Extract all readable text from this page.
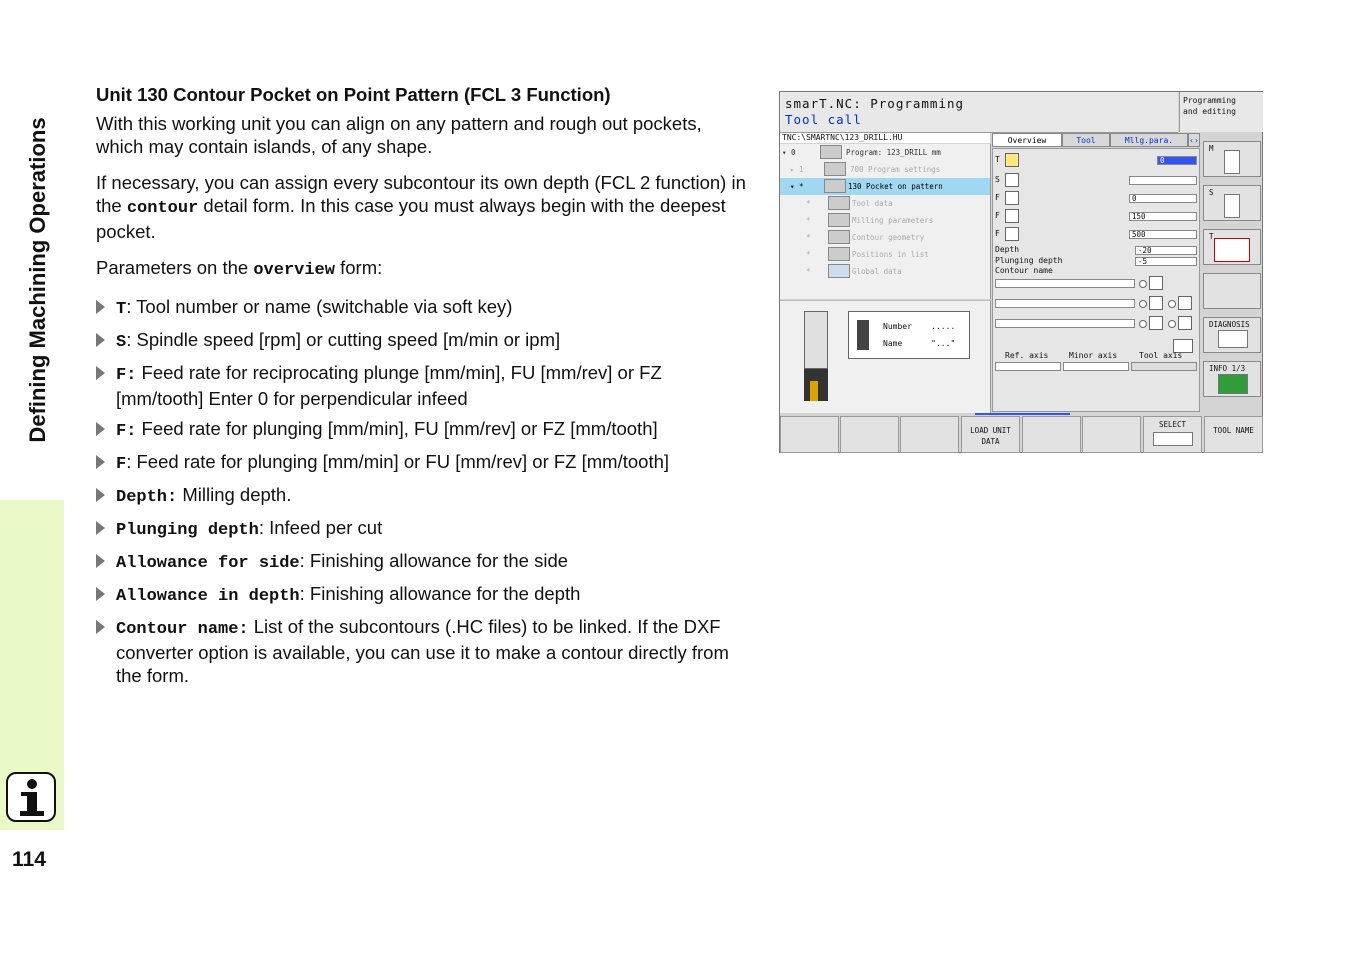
Defining Machining Operations
114
Unit 130 Contour Pocket on Point Pattern (FCL 3 Function)

With this working unit you can align on any pattern and rough out pockets, which may contain islands, of any shape.

If necessary, you can assign every subcontour its own depth (FCL 2 function) in the contour detail form. In this case you must always begin with the deepest pocket.

Parameters on the overview form:

T: Tool number or name (switchable via soft key)
S: Spindle speed [rpm] or cutting speed [m/min or ipm]
F: Feed rate for reciprocating plunge [mm/min], FU [mm/rev] or FZ [mm/tooth] Enter 0 for perpendicular infeed
F: Feed rate for plunging [mm/min], FU [mm/rev] or FZ [mm/tooth]
F: Feed rate for plunging [mm/min] or FU [mm/rev] or FZ [mm/tooth]
Depth: Milling depth.
Plunging depth: Infeed per cut
Allowance for side: Finishing allowance for the side
Allowance in depth: Finishing allowance for the depth
Contour name: List of the subcontours (.HC files) to be linked. If the DXF converter option is available, you can use it to make a contour directly from the form.
smarT.NC: Programming
Tool call
Programming
and editing
TNC:\SMARTNC\123_DRILL.HU
▾ 0	Program: 123_DRILL mm
▸ 1	700 Program settings
▾ *	130 Pocket on pattern
*	Tool data
*	Milling parameters
*	Contour geometry
*	Positions in list
*	Global data
Number .....
Name	"..."
Overview	Tool	Mllg.para.	‹›
T	0
S
F	0
F	150
F	500
Depth	-20
Plunging depth	-5
Contour name
Ref. axis	Minor axis	Tool axis
M
S
T
DIAGNOSIS
INFO 1/3
LOAD UNIT DATA
SELECT
TOOL NAME
